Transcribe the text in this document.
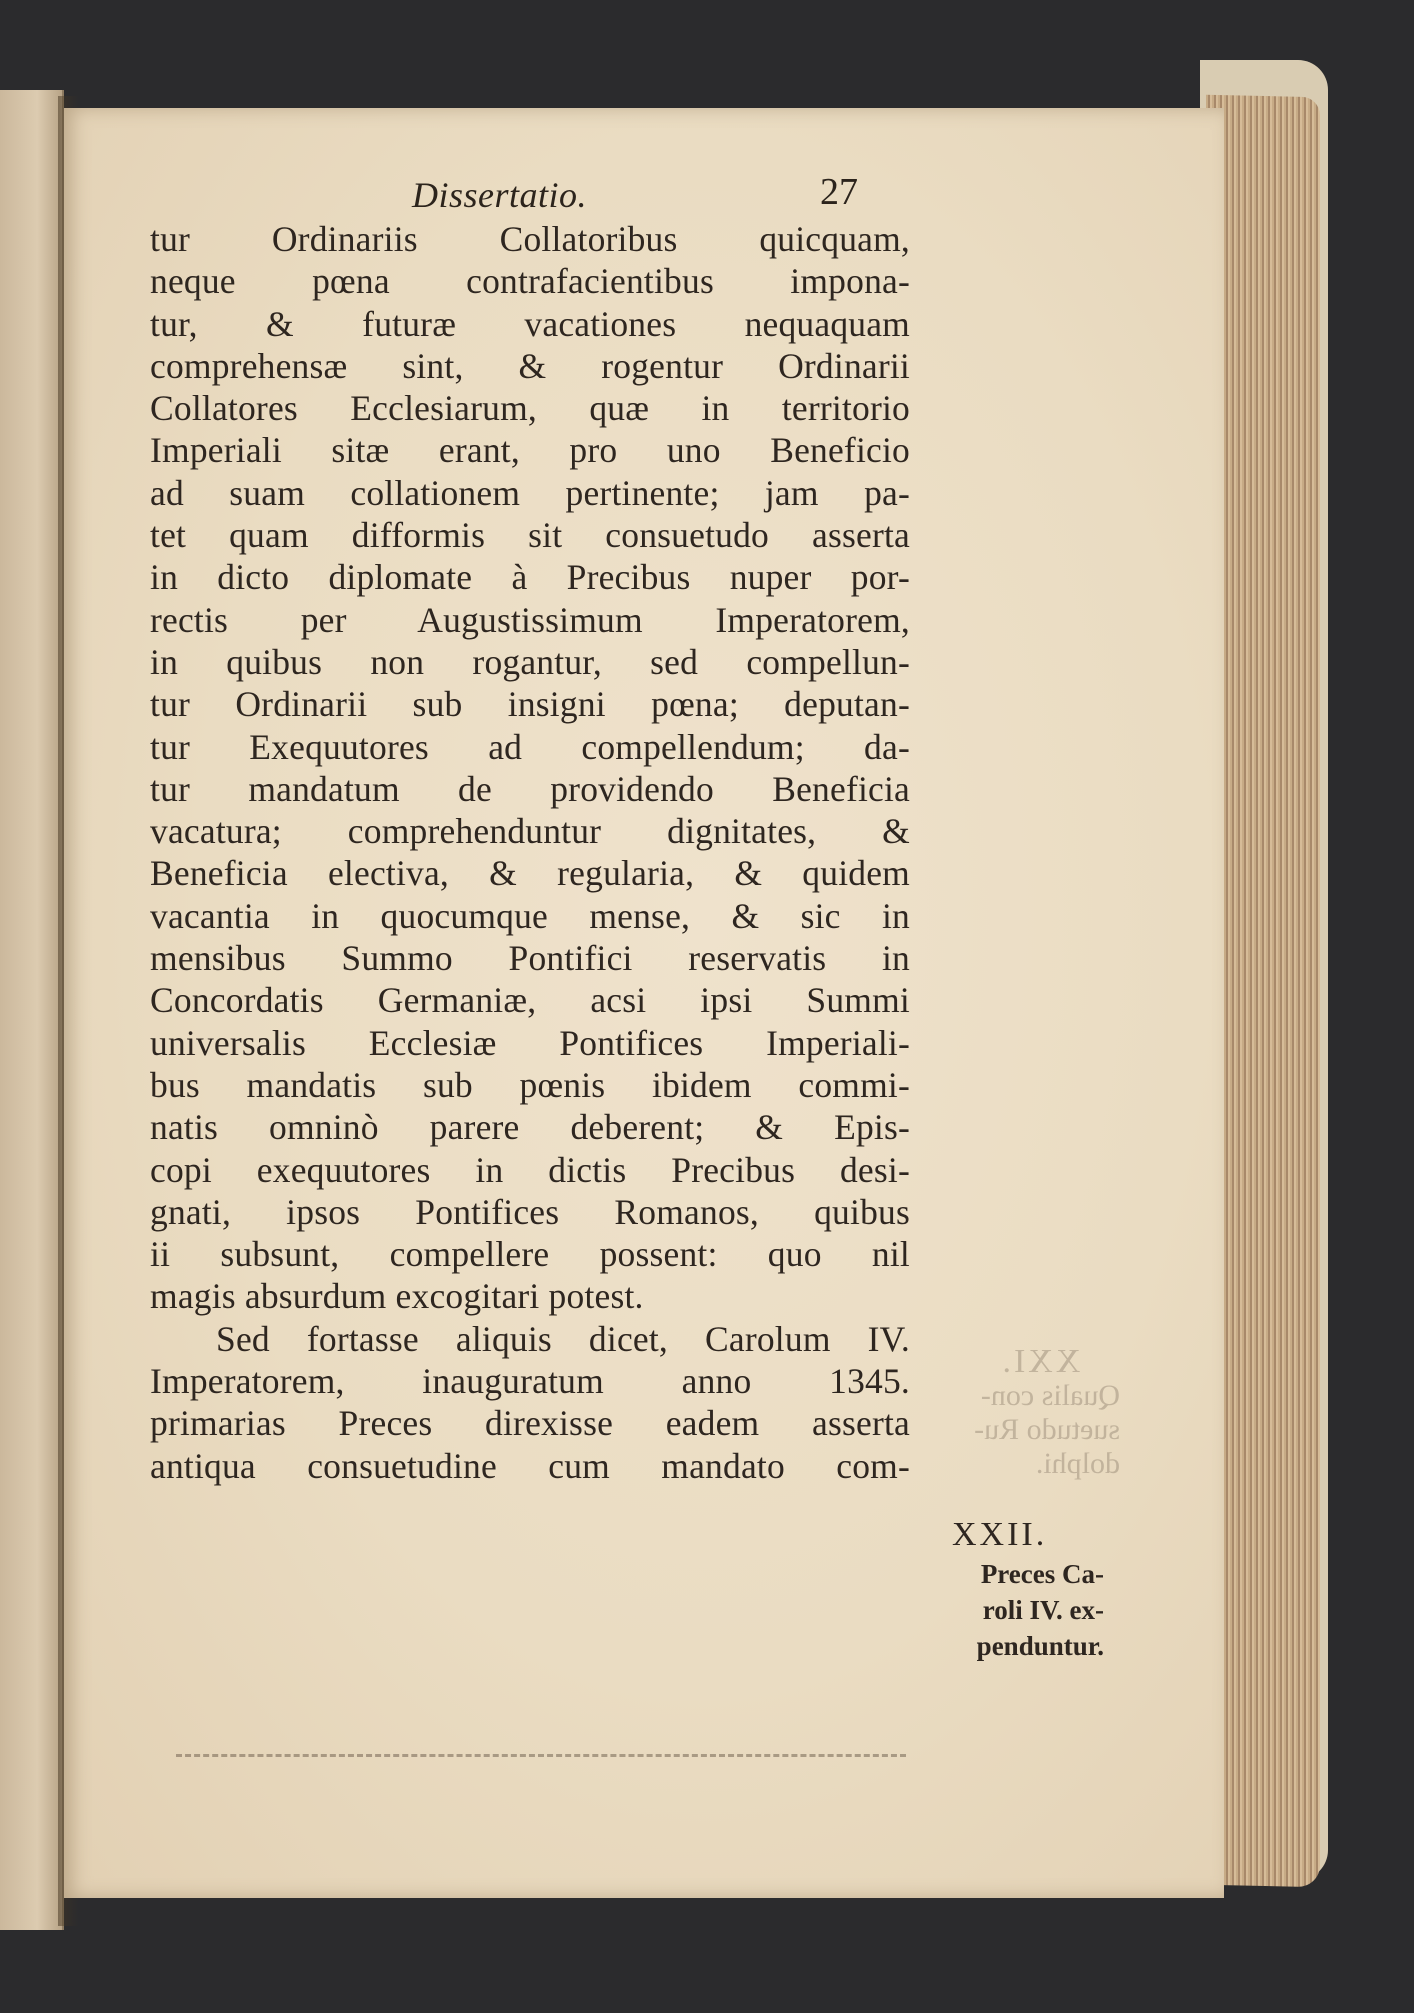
Dissertatio.	27
tur Ordinariis Collatoribus quicquam,
neque pœna contrafacientibus impona-
tur, & futuræ vacationes nequaquam
comprehensæ sint, & rogentur Ordinarii
Collatores Ecclesiarum, quæ in territorio
Imperiali sitæ erant, pro uno Beneficio
ad suam collationem pertinente; jam pa-
tet quam difformis sit consuetudo asserta
in dicto diplomate à Precibus nuper por-
rectis per Augustissimum Imperatorem,
in quibus non rogantur, sed compellun-
tur Ordinarii sub insigni pœna; deputan-
tur Exequutores ad compellendum; da-
tur mandatum de providendo Beneficia
vacatura; comprehenduntur dignitates, &
Beneficia electiva, & regularia, & quidem
vacantia in quocumque mense, & sic in
mensibus Summo Pontifici reservatis in
Concordatis Germaniæ, acsi ipsi Summi
universalis Ecclesiæ Pontifices Imperiali-
bus mandatis sub pœnis ibidem commi-
natis omninò parere deberent; & Epis-
copi exequutores in dictis Precibus desi-
gnati, ipsos Pontifices Romanos, quibus
ii subsunt, compellere possent: quo nil
magis absurdum excogitari potest.
Sed fortasse aliquis dicet, Carolum IV.
Imperatorem, inauguratum anno 1345.
primarias Preces direxisse eadem asserta
antiqua consuetudine cum mandato com-
XXI.
Qualis con-
suetudo Ru-
dolphi.
XXII.
Preces Ca-
roli IV. ex-
penduntur.
